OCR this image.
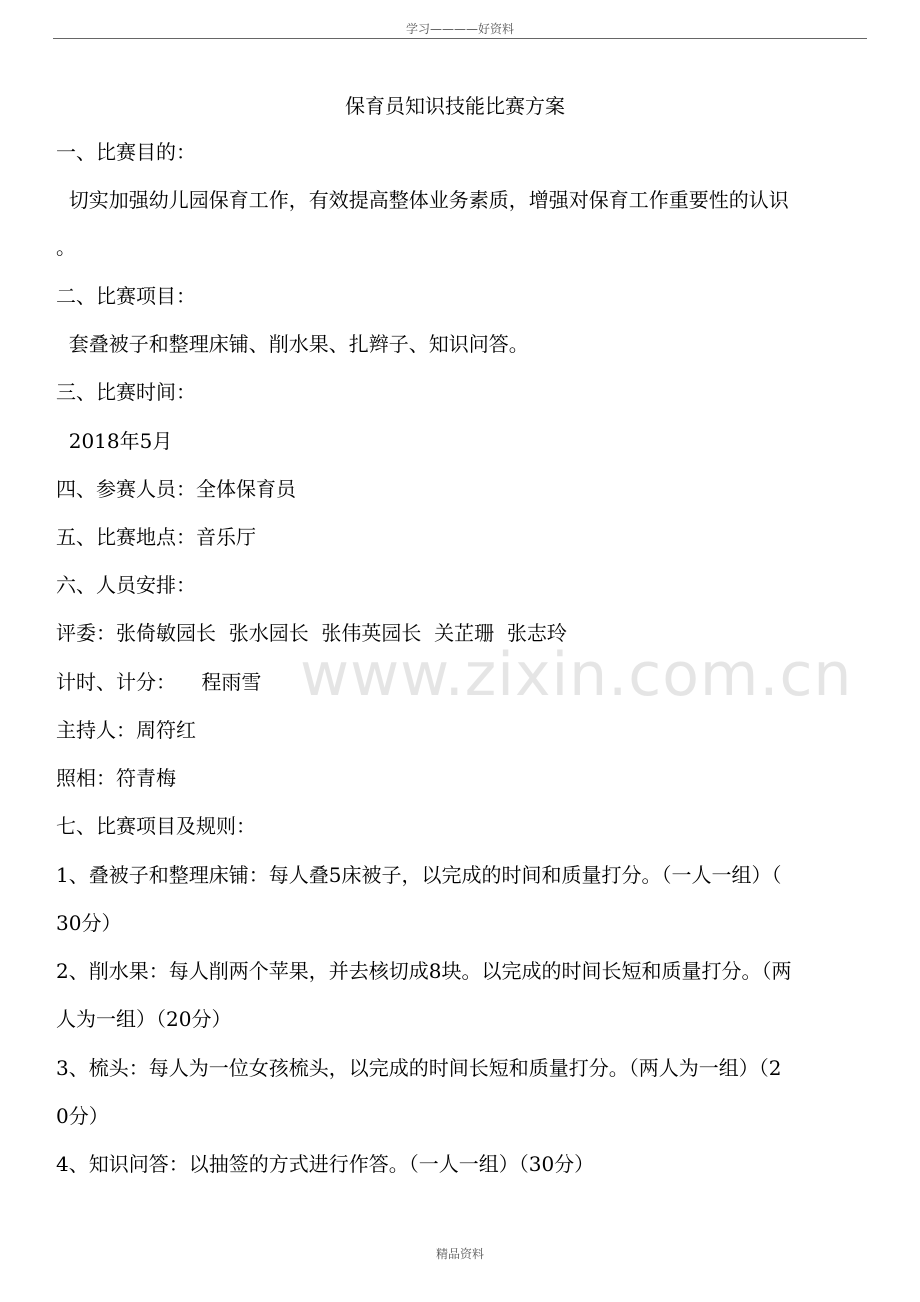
学习————好资料
保育员知识技能比赛方案
一、比赛目的：
切实加强幼儿园保育工作，有效提高整体业务素质，增强对保育工作重要性的认识
。
二、比赛项目：
套叠被子和整理床铺、削水果、扎辫子、知识问答。
三、比赛时间：
2018年5月
四、参赛人员：全体保育员
五、比赛地点：音乐厅
六、人员安排：
评委：张倚敏园长  张水园长  张伟英园长  关芷珊  张志玲
计时、计分：    程雨雪
主持人：周符红
照相：符青梅
七、比赛项目及规则：
1、叠被子和整理床铺：每人叠5床被子，以完成的时间和质量打分。（一人一组）（
30分）
2、削水果：每人削两个苹果，并去核切成8块。以完成的时间长短和质量打分。（两
人为一组）（20分）
3、梳头：每人为一位女孩梳头，以完成的时间长短和质量打分。（两人为一组）（2
0分）
4、知识问答：以抽签的方式进行作答。（一人一组）（30分）
www.zixin.com.cn
精品资料
